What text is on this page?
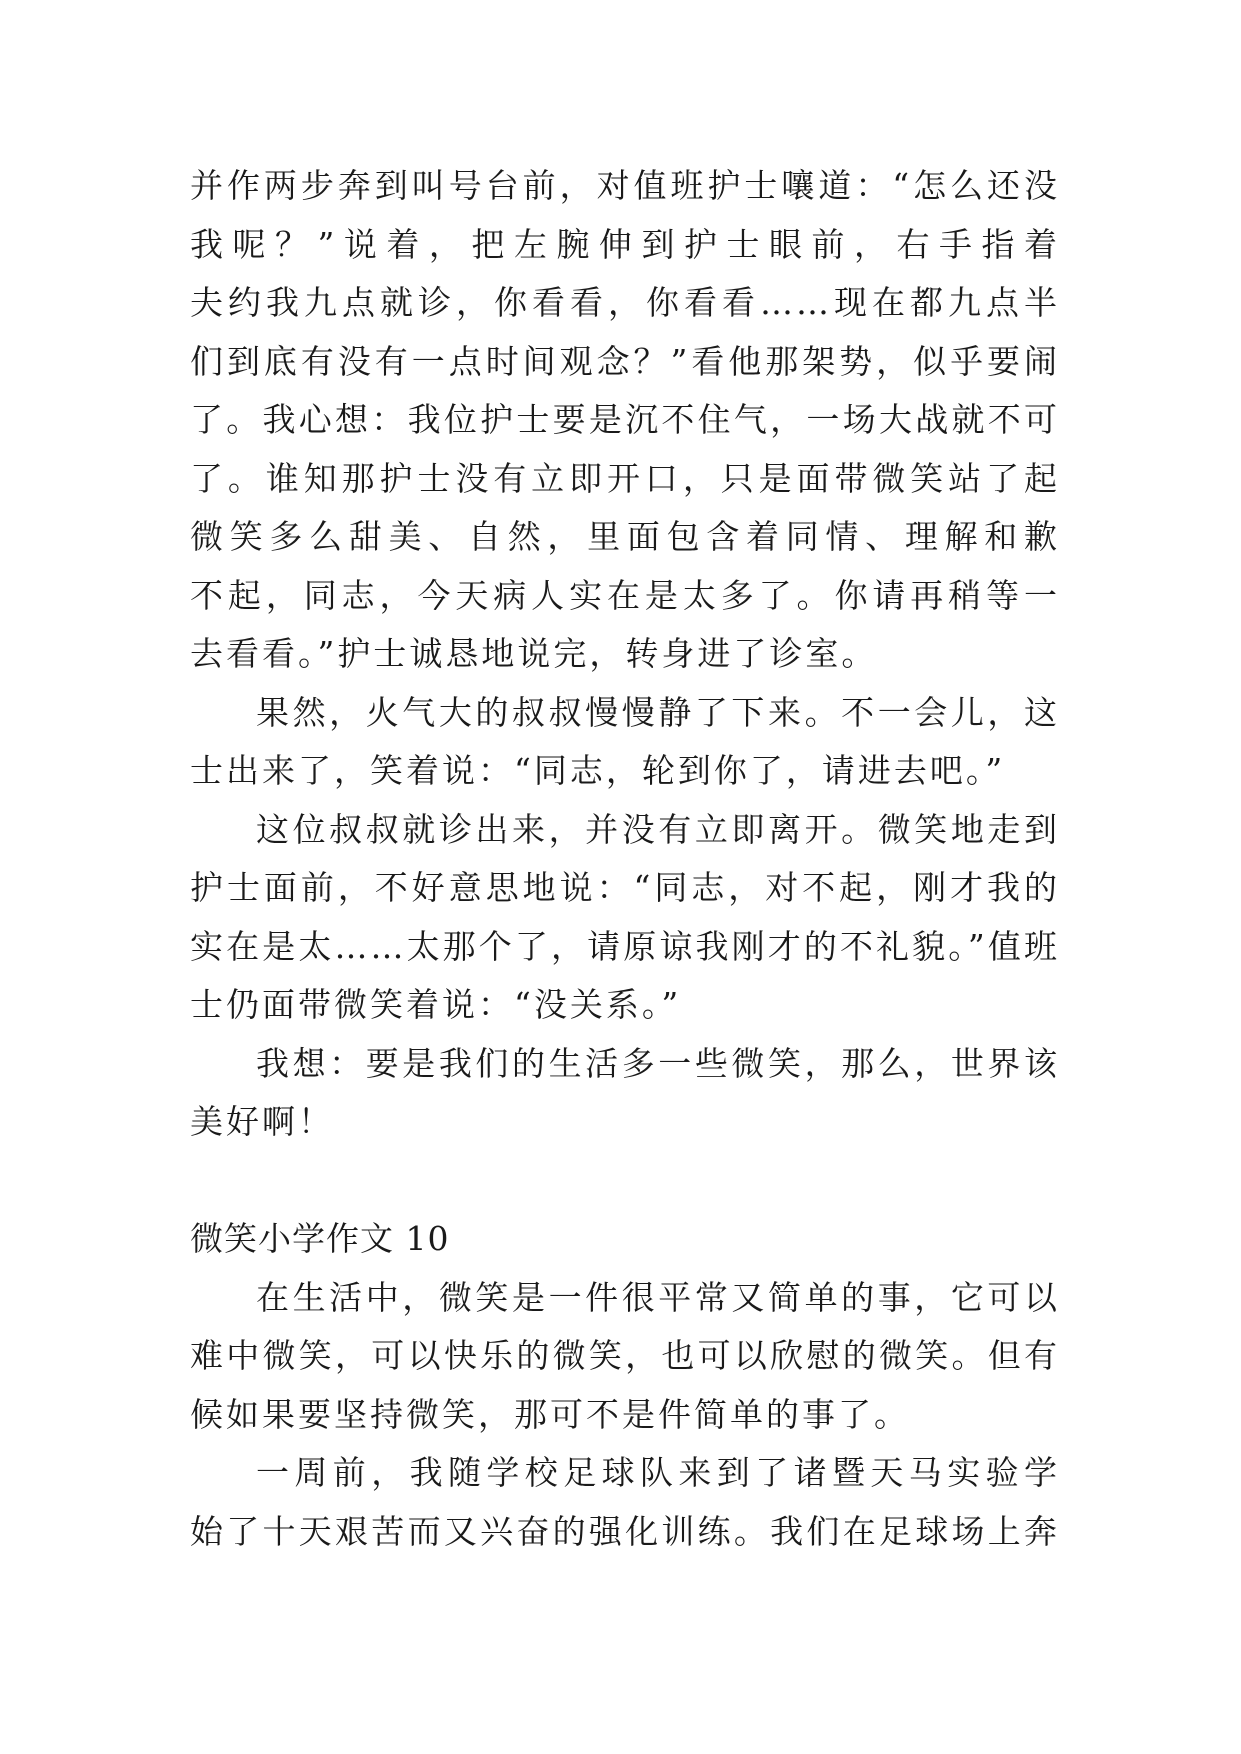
并作两步奔到叫号台前，对值班护士嚷道：“怎么还没
我呢？”说着，把左腕伸到护士眼前，右手指着　
夫约我九点就诊，你看看，你看看……现在都九点半
们到底有没有一点时间观念？”看他那架势，似乎要闹
了。我心想：我位护士要是沉不住气，一场大战就不可
了。谁知那护士没有立即开口，只是面带微笑站了起
微笑多么甜美、自然，里面包含着同情、理解和歉
不起，同志，今天病人实在是太多了。你请再稍等一
去看看。”护士诚恳地说完，转身进了诊室。
果然，火气大的叔叔慢慢静了下来。不一会儿，这
士出来了，笑着说：“同志，轮到你了，请进去吧。”
这位叔叔就诊出来，并没有立即离开。微笑地走到
护士面前，不好意思地说：“同志，对不起，刚才我的
实在是太……太那个了，请原谅我刚才的不礼貌。”值班
士仍面带微笑着说：“没关系。”
我想：要是我们的生活多一些微笑，那么，世界该
美好啊！
微笑小学作文 10
在生活中，微笑是一件很平常又简单的事，它可以
难中微笑，可以快乐的微笑，也可以欣慰的微笑。但有
候如果要坚持微笑，那可不是件简单的事了。
一周前，我随学校足球队来到了诸暨天马实验学
始了十天艰苦而又兴奋的强化训练。我们在足球场上奔
